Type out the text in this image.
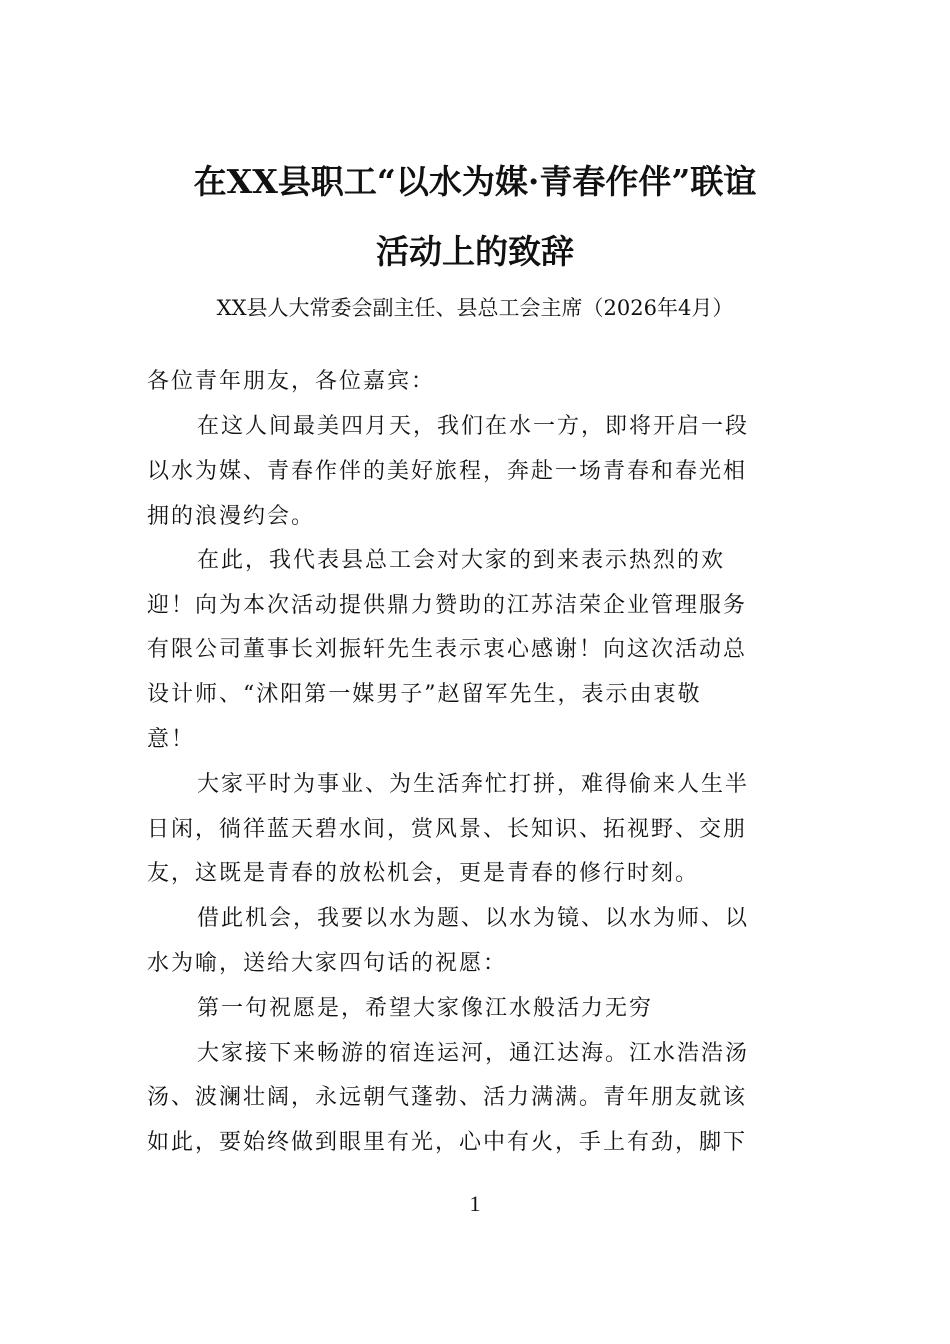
在XX县职工“以水为媒·青春作伴”联谊
活动上的致辞
XX县人大常委会副主任、县总工会主席（2026年4月）
各位青年朋友，各位嘉宾：
在这人间最美四月天，我们在水一方，即将开启一段
以水为媒、青春作伴的美好旅程，奔赴一场青春和春光相
拥的浪漫约会。
在此，我代表县总工会对大家的到来表示热烈的欢
迎！向为本次活动提供鼎力赞助的江苏洁荣企业管理服务
有限公司董事长刘振轩先生表示衷心感谢！向这次活动总
设计师、“沭阳第一媒男子”赵留军先生，表示由衷敬
意！
大家平时为事业、为生活奔忙打拼，难得偷来人生半
日闲，徜徉蓝天碧水间，赏风景、长知识、拓视野、交朋
友，这既是青春的放松机会，更是青春的修行时刻。
借此机会，我要以水为题、以水为镜、以水为师、以
水为喻，送给大家四句话的祝愿：
第一句祝愿是，希望大家像江水般活力无穷
大家接下来畅游的宿连运河，通江达海。江水浩浩汤
汤、波澜壮阔，永远朝气蓬勃、活力满满。青年朋友就该
如此，要始终做到眼里有光，心中有火，手上有劲，脚下
1
